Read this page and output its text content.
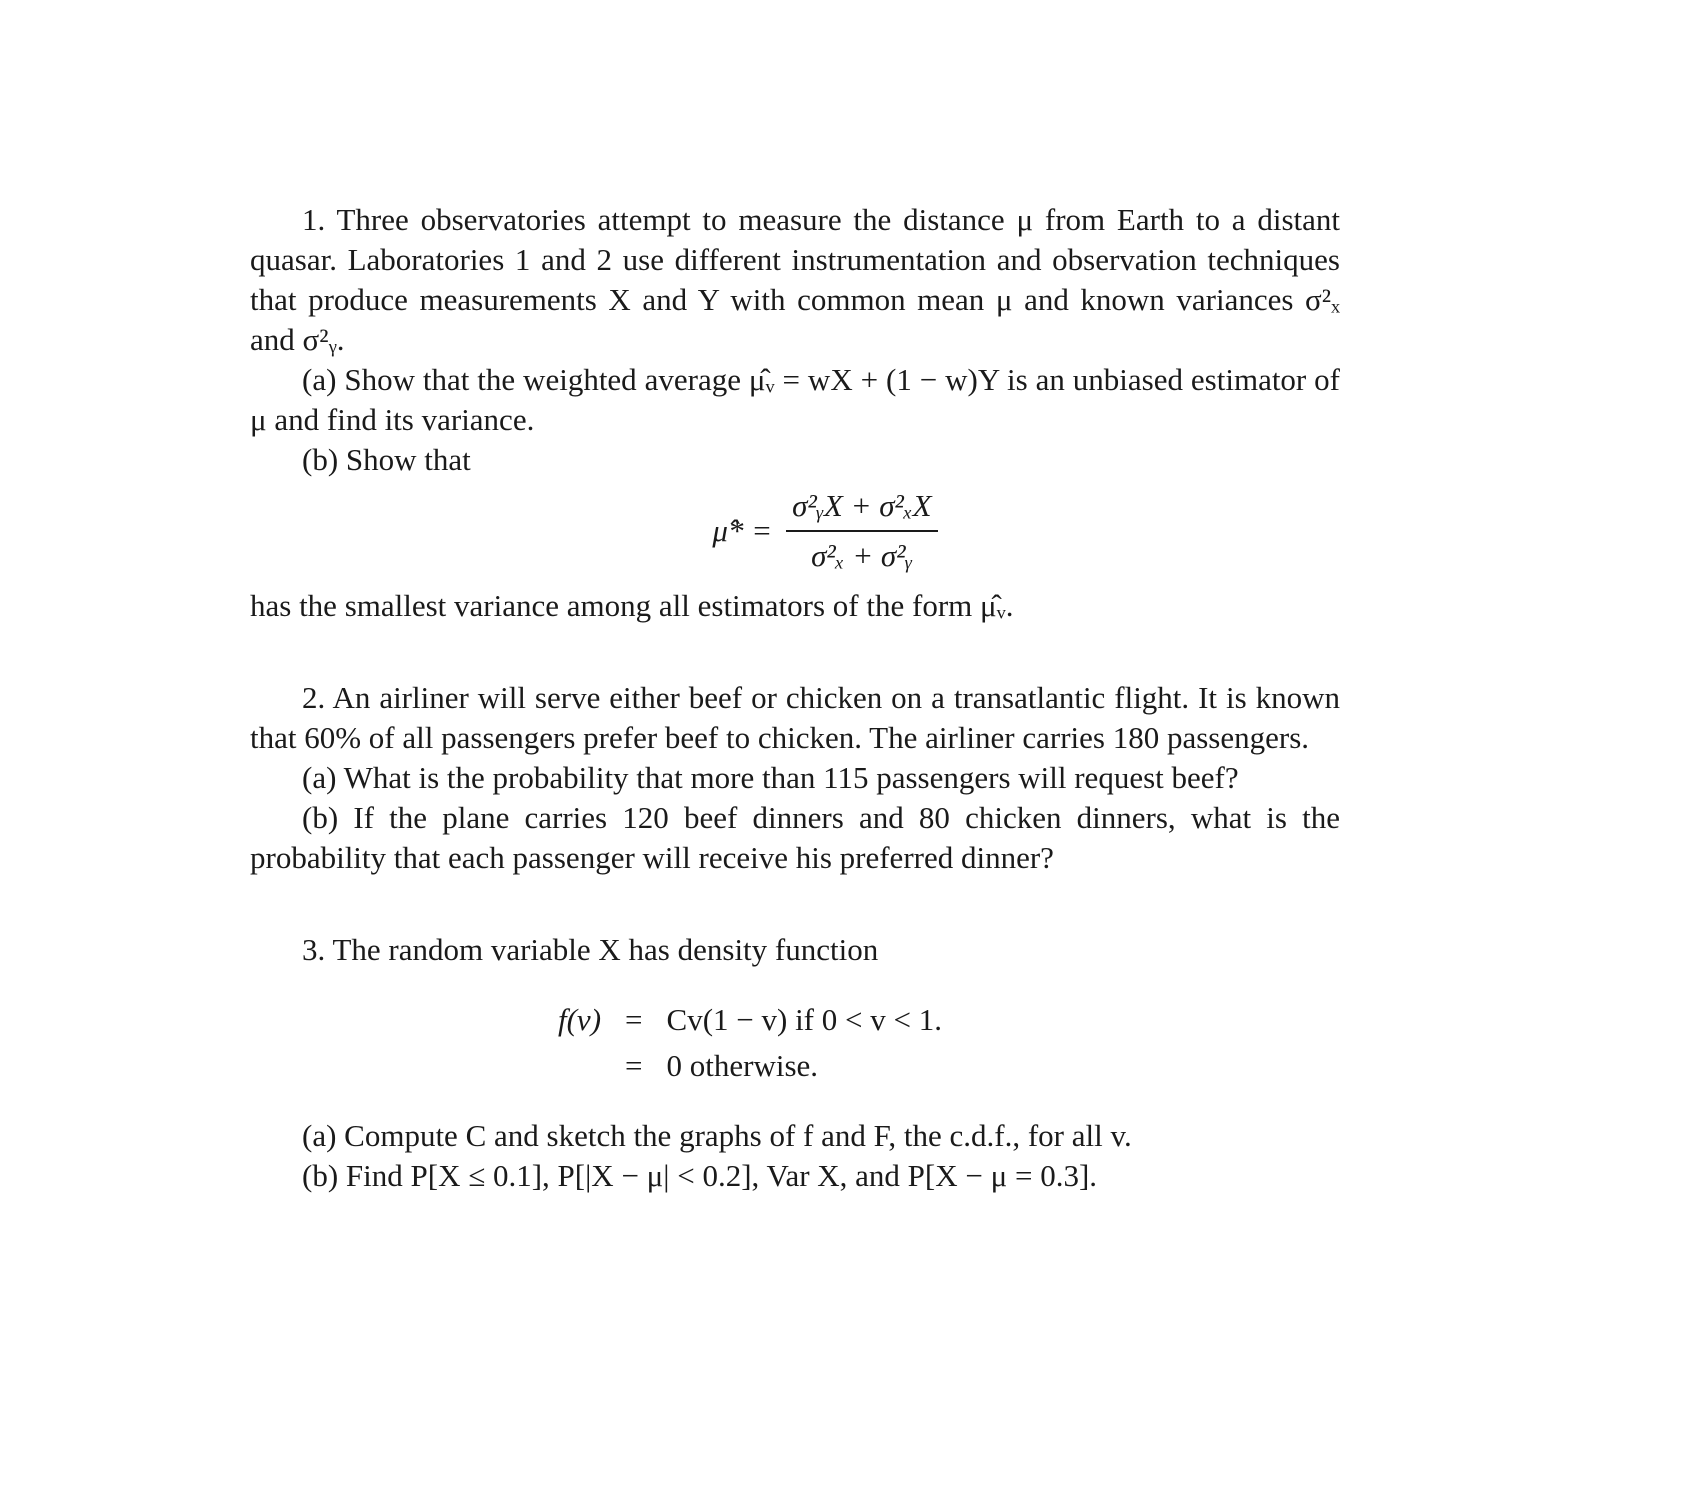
1. Three observatories attempt to measure the distance μ from Earth to a distant quasar. Laboratories 1 and 2 use different instrumentation and observation techniques that produce measurements X and Y with common mean μ and known variances σ²ₓ and σ²ᵧ.

(a) Show that the weighted average μ̂ᵥ = wX + (1 − w)Y is an unbiased estimator of μ and find its variance.

(b) Show that

μ̂* = $\frac{\text{σ²ᵧX + σ²ₓX}}{\text{σ²ₓ + σ²ᵧ}}$

has the smallest variance among all estimators of the form μ̂ᵥ.

2. An airliner will serve either beef or chicken on a transatlantic flight. It is known that 60% of all passengers prefer beef to chicken. The airliner carries 180 passengers.

(a) What is the probability that more than 115 passengers will request beef?

(b) If the plane carries 120 beef dinners and 80 chicken dinners, what is the probability that each passenger will receive his preferred dinner?

3. The random variable X has density function

f(v) = Cv(1 − v) if 0 < v < 1.
= 0 otherwise.

(a) Compute C and sketch the graphs of f and F, the c.d.f., for all v.

(b) Find P[X ≤ 0.1], P[|X − μ| < 0.2], Var X, and P[X − μ = 0.3].
